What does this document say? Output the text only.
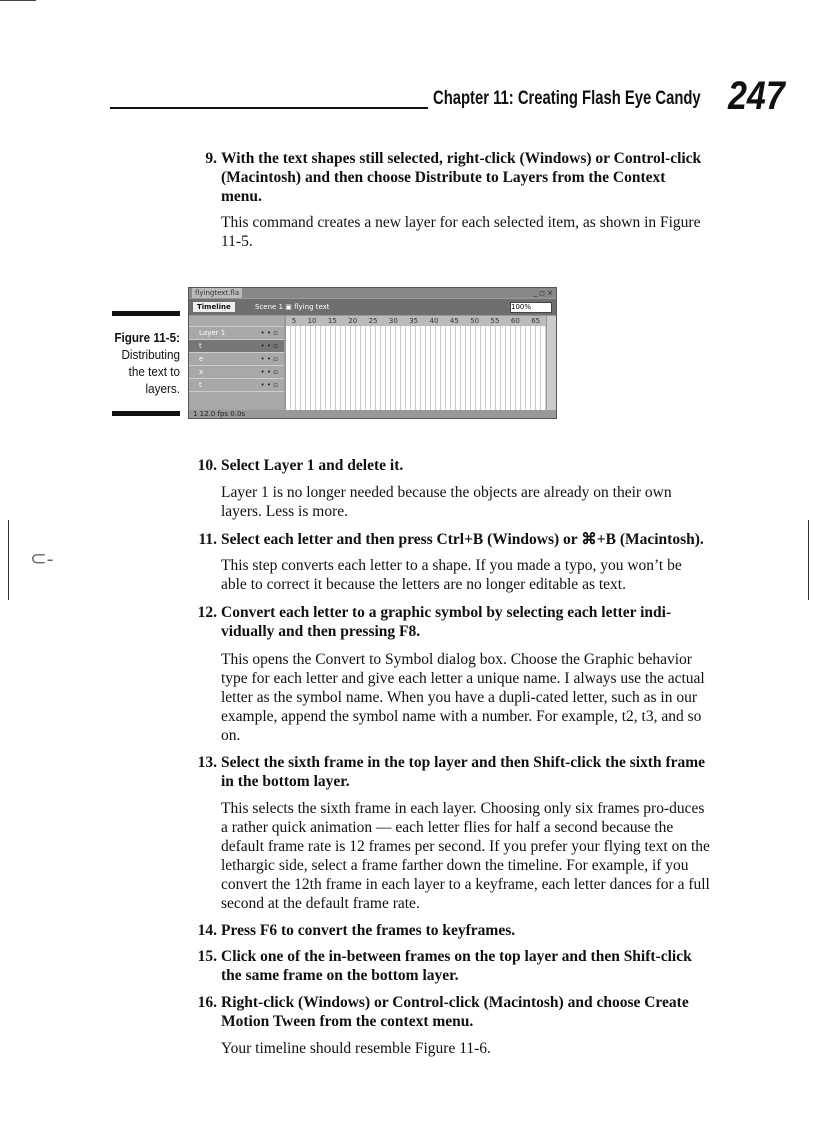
⊂-
Chapter 11: Creating Flash Eye Candy 247
9. With the text shapes still selected, right-click (Windows) or Control-click (Macintosh) and then choose Distribute to Layers from the Context menu.
This command creates a new layer for each selected item, as shown in Figure 11-5.
Figure 11-5:
Distributing the text to layers.
flyingtext.fla	_ ◻ ×
Timeline	Scene 1 ▣ flying text	100%
Layer 1	• • ▫
t	• • ▫
e	• • ▫
x	• • ▫
t	• • ▫
5 10 15 20 25 30 35 40 45 50 55 60 65
1 12.0 fps 0.0s
10. Select Layer 1 and delete it.
Layer 1 is no longer needed because the objects are already on their own layers. Less is more.
11. Select each letter and then press Ctrl+B (Windows) or ⌘+B (Macintosh).
This step converts each letter to a shape. If you made a typo, you won’t be able to correct it because the letters are no longer editable as text.
12. Convert each letter to a graphic symbol by selecting each letter indi-vidually and then pressing F8.
This opens the Convert to Symbol dialog box. Choose the Graphic behavior type for each letter and give each letter a unique name. I always use the actual letter as the symbol name. When you have a dupli-cated letter, such as in our example, append the symbol name with a number. For example, t2, t3, and so on.
13. Select the sixth frame in the top layer and then Shift-click the sixth frame in the bottom layer.
This selects the sixth frame in each layer. Choosing only six frames pro-duces a rather quick animation — each letter flies for half a second because the default frame rate is 12 frames per second. If you prefer your flying text on the lethargic side, select a frame farther down the timeline. For example, if you convert the 12th frame in each layer to a keyframe, each letter dances for a full second at the default frame rate.
14. Press F6 to convert the frames to keyframes.
15. Click one of the in-between frames on the top layer and then Shift-click the same frame on the bottom layer.
16. Right-click (Windows) or Control-click (Macintosh) and choose Create Motion Tween from the context menu.
Your timeline should resemble Figure 11-6.
